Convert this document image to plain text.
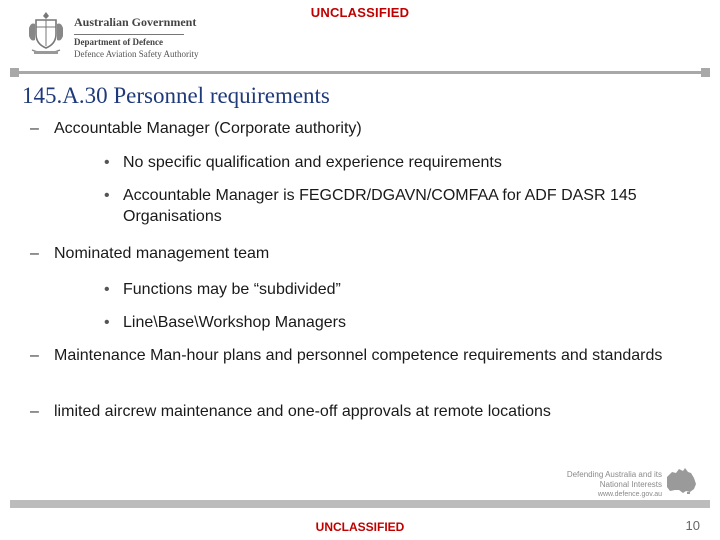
UNCLASSIFIED
Australian Government
Department of Defence
Defence Aviation Safety Authority
145.A.30 Personnel requirements
– Accountable Manager (Corporate authority)
• No specific qualification and experience requirements
• Accountable Manager is FEGCDR/DGAVN/COMFAA for ADF DASR 145 Organisations
– Nominated management team
• Functions may be “subdivided”
• Line\Base\Workshop Managers
– Maintenance Man-hour plans and personnel competence requirements and standards
– limited aircrew maintenance and one-off approvals at remote locations
Defending Australia and its National Interests
www.defence.gov.au
UNCLASSIFIED	10
